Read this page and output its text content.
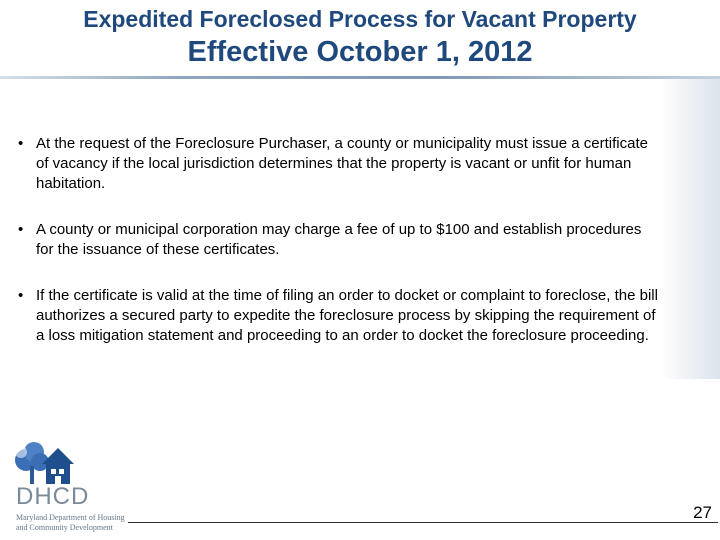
Expedited Foreclosed Process for Vacant Property
Effective October 1, 2012

• At the request of the Foreclosure Purchaser, a county or municipality must issue a certificate of vacancy if the local jurisdiction determines that the property is vacant or unfit for human habitation.

• A county or municipal corporation may charge a fee of up to $100 and establish procedures for the issuance of these certificates.

• If the certificate is valid at the time of filing an order to docket or complaint to foreclose, the bill authorizes a secured party to expedite the foreclosure process by skipping the requirement of a loss mitigation statement and proceeding to an order to docket the foreclosure proceeding.

DHCD

Maryland Department of Housing

and Community Development

27
